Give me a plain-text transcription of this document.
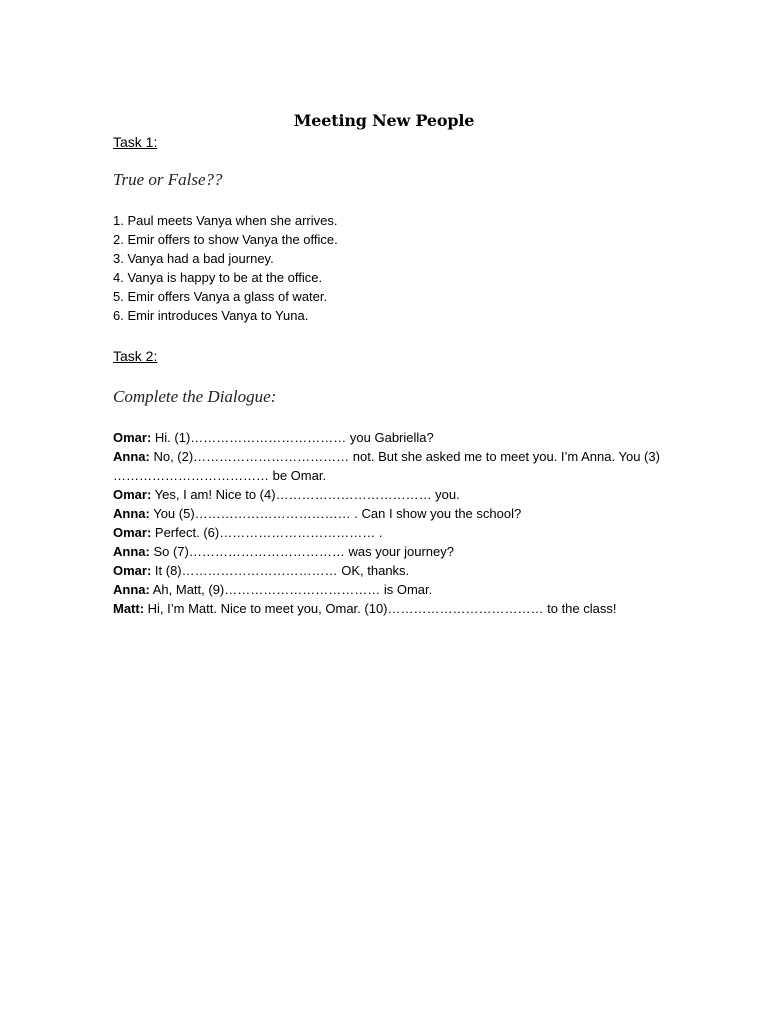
Meeting New People
Task 1:
True or False??
1. Paul meets Vanya when she arrives.
2. Emir offers to show Vanya the office.
3. Vanya had a bad journey.
4. Vanya is happy to be at the office.
5. Emir offers Vanya a glass of water.
6. Emir introduces Vanya to Yuna.
Task 2:
Complete the Dialogue:
Omar: Hi. (1)……………………………… you Gabriella?
Anna: No, (2)……………………………… not. But she asked me to meet you. I’m Anna. You (3)
……………………………… be Omar.
Omar: Yes, I am! Nice to (4)……………………………… you.
Anna: You (5)……………………………… . Can I show you the school?
Omar: Perfect. (6)……………………………… .
Anna: So (7)……………………………… was your journey?
Omar: It (8)……………………………… OK, thanks.
Anna: Ah, Matt, (9)……………………………… is Omar.
Matt: Hi, I’m Matt. Nice to meet you, Omar. (10)……………………………… to the class!
